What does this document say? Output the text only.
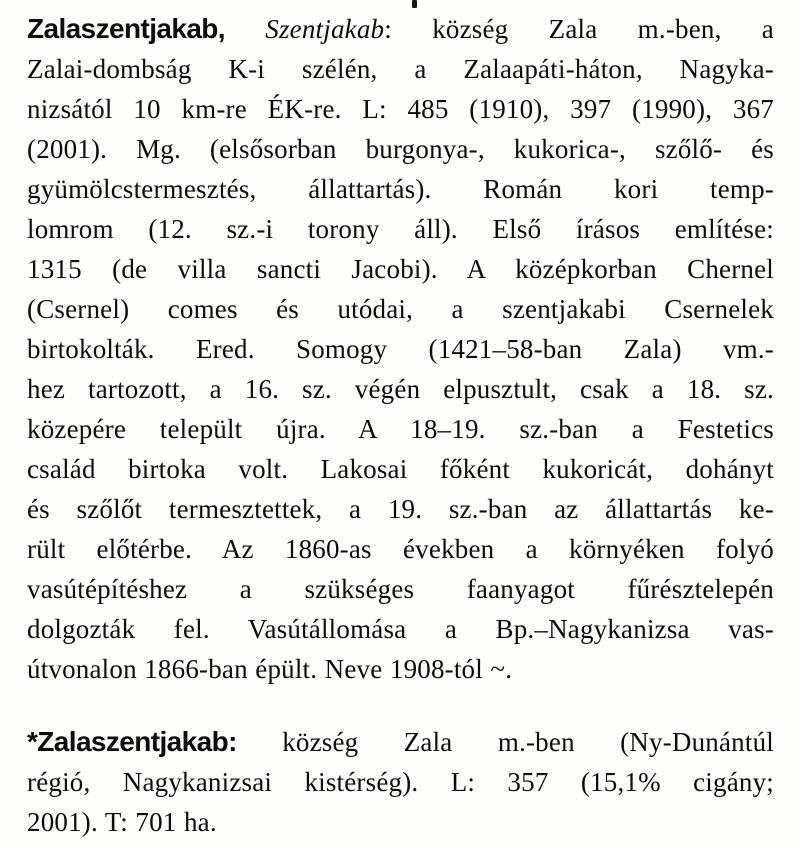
Zalaszentjakab, Szentjakab: község Zala m.-ben, a
Zalai-dombság K-i szélén, a Zalaapáti-háton, Nagyka-
nizsától 10 km-re ÉK-re. L: 485 (1910), 397 (1990), 367
(2001). Mg. (elsősorban burgonya-, kukorica-, szőlő- és
gyümölcstermesztés, állattartás). Román kori temp-
lomrom (12. sz.-i torony áll). Első írásos említése:
1315 (de villa sancti Jacobi). A középkorban Chernel
(Csernel) comes és utódai, a szentjakabi Csernelek
birtokolták. Ered. Somogy (1421–58-ban Zala) vm.-
hez tartozott, a 16. sz. végén elpusztult, csak a 18. sz.
közepére települt újra. A 18–19. sz.-ban a Festetics
család birtoka volt. Lakosai főként kukoricát, dohányt
és szőlőt termesztettek, a 19. sz.-ban az állattartás ke-
rült előtérbe. Az 1860-as években a környéken folyó
vasútépítéshez a szükséges faanyagot fűrésztelepén
dolgozták fel. Vasútállomása a Bp.–Nagykanizsa vas-
útvonalon 1866-ban épült. Neve 1908-tól ~.
*Zalaszentjakab: község Zala m.-ben (Ny-Dunántúl
régió, Nagykanizsai kistérség). L: 357 (15,1% cigány;
2001). T: 701 ha.
